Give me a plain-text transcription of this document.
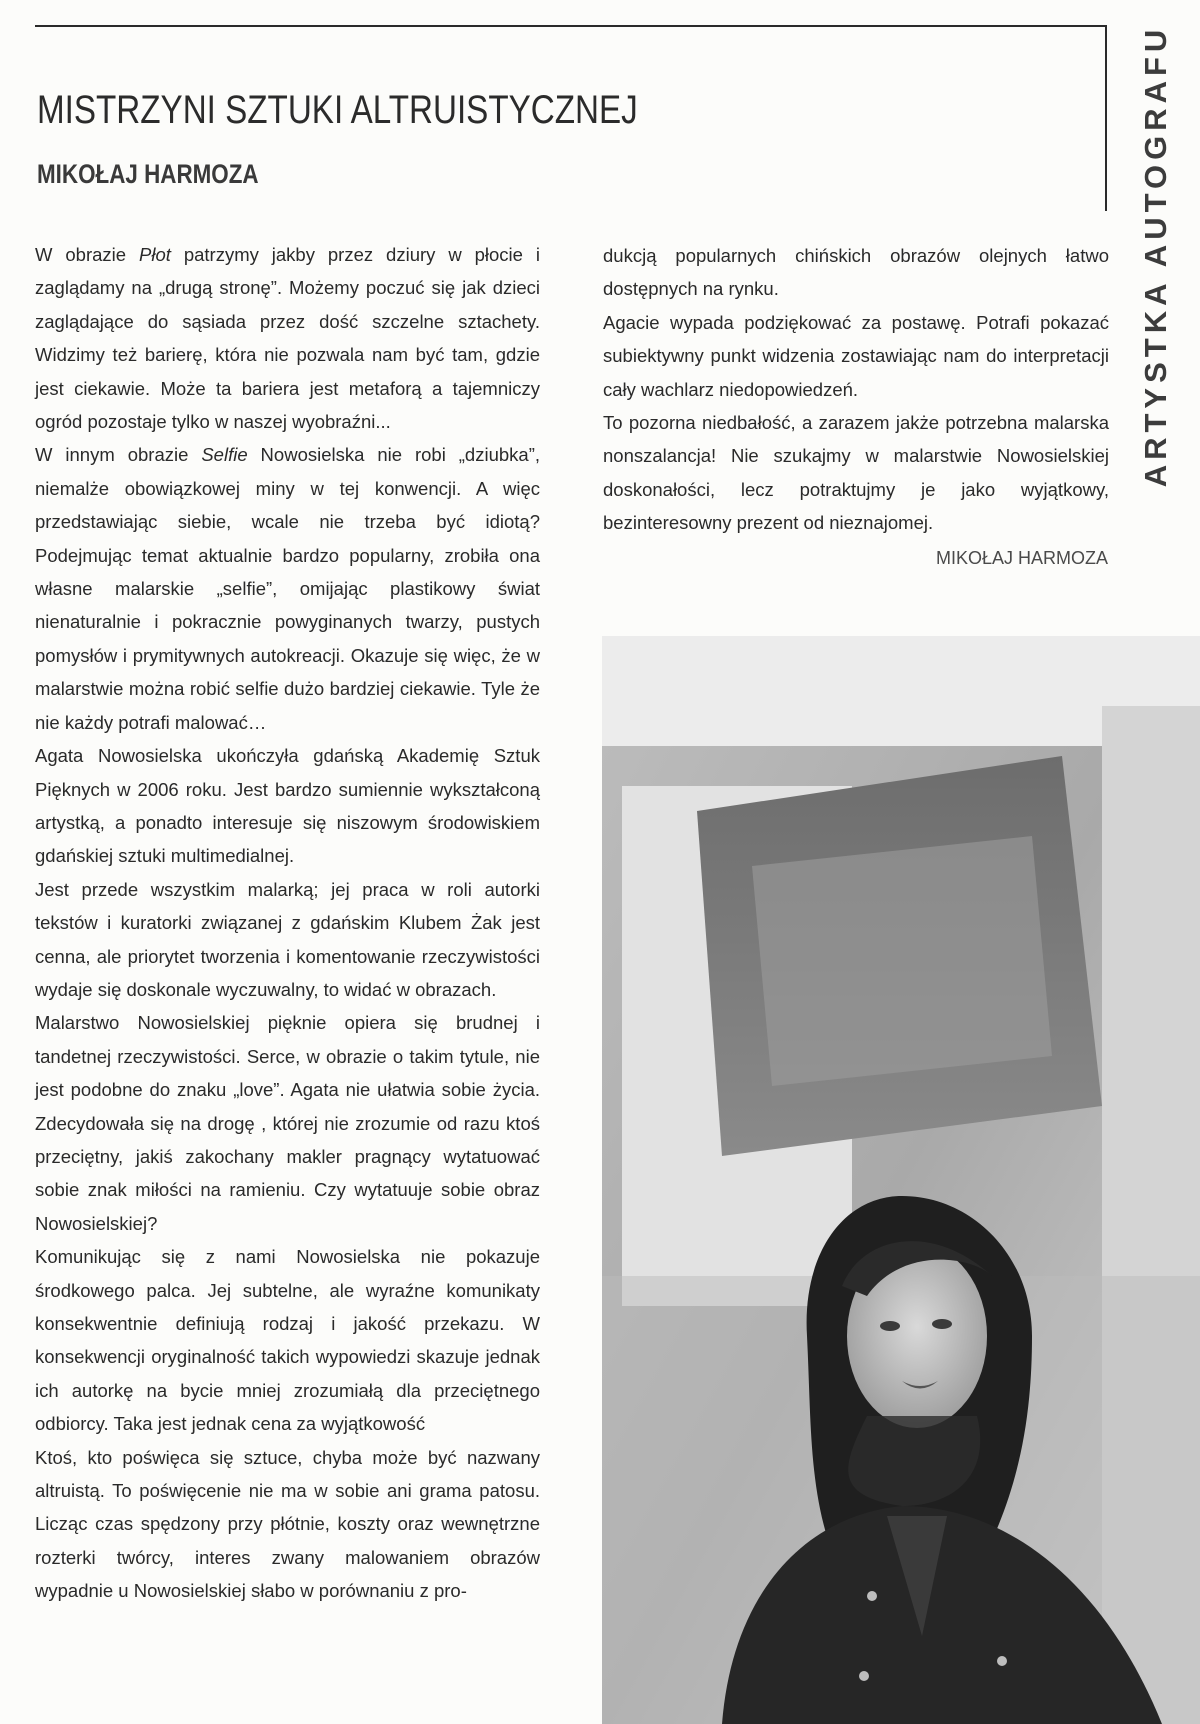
ARTYSTKA AUTOGRAFU
MISTRZYNI SZTUKI ALTRUISTYCZNEJ
MIKOŁAJ HARMOZA

W obrazie Płot patrzymy jakby przez dziury w płocie i zaglądamy na „drugą stronę”. Możemy poczuć się jak dzieci zaglądające do sąsiada przez dość szczelne sztachety. Widzimy też barierę, która nie pozwala nam być tam, gdzie jest ciekawie. Może ta bariera jest metaforą a tajemniczy ogród pozostaje tylko w naszej wyobraźni...

W innym obrazie Selfie Nowosielska nie robi „dziubka”, niemalże obowiązkowej miny w tej konwencji. A więc przedstawiając siebie, wcale nie trzeba być idiotą? Podejmując temat aktualnie bardzo popularny, zrobiła ona własne malarskie „selfie”, omijając plastikowy świat nienaturalnie i pokracznie powyginanych twarzy, pustych pomysłów i prymitywnych autokreacji. Okazuje się więc, że w malarstwie można robić selfie dużo bardziej ciekawie. Tyle że nie każdy potrafi malować…

Agata Nowosielska ukończyła gdańską Akademię Sztuk Pięknych w 2006 roku. Jest bardzo sumiennie wykształconą artystką, a ponadto interesuje się niszowym środowiskiem gdańskiej sztuki multimedialnej.

Jest przede wszystkim malarką; jej praca w roli autorki tekstów i kuratorki związanej z gdańskim Klubem Żak jest cenna, ale priorytet tworzenia i komentowanie rzeczywistości wydaje się doskonale wyczuwalny, to widać w obrazach.

Malarstwo Nowosielskiej pięknie opiera się brudnej i tandetnej rzeczywistości. Serce, w obrazie o takim tytule, nie jest podobne do znaku „love”. Agata nie ułatwia sobie życia. Zdecydowała się na drogę , której nie zrozumie od razu ktoś przeciętny, jakiś zakochany makler pragnący wytatuować sobie znak miłości na ramieniu. Czy wytatuuje sobie obraz Nowosielskiej?

Komunikując się z nami Nowosielska nie pokazuje środkowego palca. Jej subtelne, ale wyraźne komunikaty konsekwentnie definiują rodzaj i jakość przekazu. W konsekwencji oryginalność takich wypowiedzi skazuje jednak ich autorkę na bycie mniej zrozumiałą dla przeciętnego odbiorcy. Taka jest jednak cena za wyjątkowość

Ktoś, kto poświęca się sztuce, chyba może być nazwany altruistą. To poświęcenie nie ma w sobie ani grama patosu. Licząc czas spędzony przy płótnie, koszty oraz wewnętrzne rozterki twórcy, interes zwany malowaniem obrazów wypadnie u Nowosielskiej słabo w porównaniu z pro-

dukcją popularnych chińskich obrazów olejnych łatwo dostępnych na rynku.

Agacie wypada podziękować za postawę. Potrafi pokazać subiektywny punkt widzenia zostawiając nam do interpretacji cały wachlarz niedopowiedzeń.

To pozorna niedbałość, a zarazem jakże potrzebna malarska nonszalancja! Nie szukajmy w malarstwie Nowosielskiej doskonałości, lecz potraktujmy je jako wyjątkowy, bezinteresowny prezent od nieznajomej.

MIKOŁAJ HARMOZA
